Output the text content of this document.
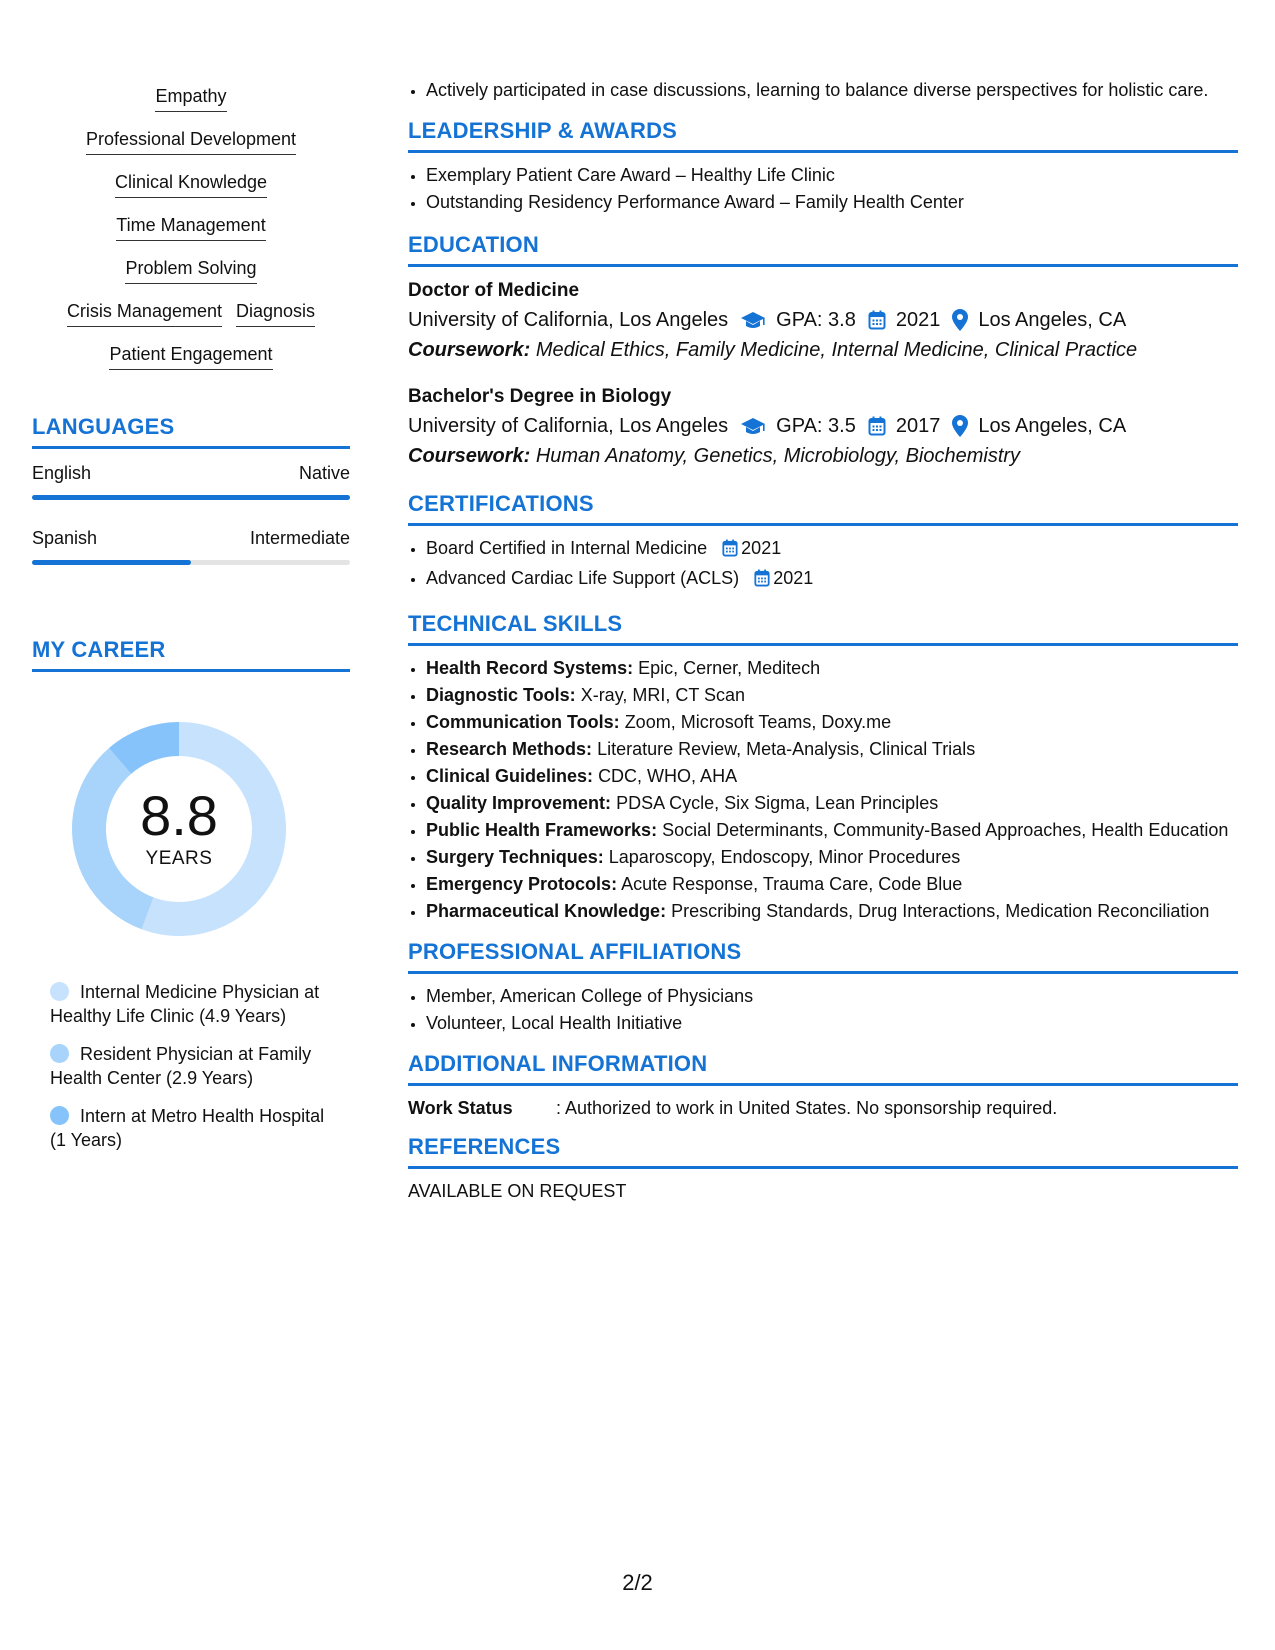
Empathy
Professional Development
Clinical Knowledge
Time Management
Problem Solving
Crisis Management Diagnosis
Patient Engagement
LANGUAGES
English	Native
Spanish	Intermediate
MY CAREER
8.8
YEARS
Internal Medicine Physician at Healthy Life Clinic (4.9 Years)
Resident Physician at Family Health Center (2.9 Years)
Intern at Metro Health Hospital (1 Years)
• Actively participated in case discussions, learning to balance diverse perspectives for holistic care.
LEADERSHIP & AWARDS
• Exemplary Patient Care Award – Healthy Life Clinic
• Outstanding Residency Performance Award – Family Health Center
EDUCATION
Doctor of Medicine
University of California, Los Angeles GPA: 3.8 2021 Los Angeles, CA
Coursework: Medical Ethics, Family Medicine, Internal Medicine, Clinical Practice
Bachelor's Degree in Biology
University of California, Los Angeles GPA: 3.5 2017 Los Angeles, CA
Coursework: Human Anatomy, Genetics, Microbiology, Biochemistry
CERTIFICATIONS
• Board Certified in Internal Medicine 2021
• Advanced Cardiac Life Support (ACLS) 2021
TECHNICAL SKILLS
• Health Record Systems: Epic, Cerner, Meditech
• Diagnostic Tools: X-ray, MRI, CT Scan
• Communication Tools: Zoom, Microsoft Teams, Doxy.me
• Research Methods: Literature Review, Meta-Analysis, Clinical Trials
• Clinical Guidelines: CDC, WHO, AHA
• Quality Improvement: PDSA Cycle, Six Sigma, Lean Principles
• Public Health Frameworks: Social Determinants, Community-Based Approaches, Health Education
• Surgery Techniques: Laparoscopy, Endoscopy, Minor Procedures
• Emergency Protocols: Acute Response, Trauma Care, Code Blue
• Pharmaceutical Knowledge: Prescribing Standards, Drug Interactions, Medication Reconciliation
PROFESSIONAL AFFILIATIONS
• Member, American College of Physicians
• Volunteer, Local Health Initiative
ADDITIONAL INFORMATION
Work Status	: Authorized to work in United States. No sponsorship required.
REFERENCES
AVAILABLE ON REQUEST
2/2
